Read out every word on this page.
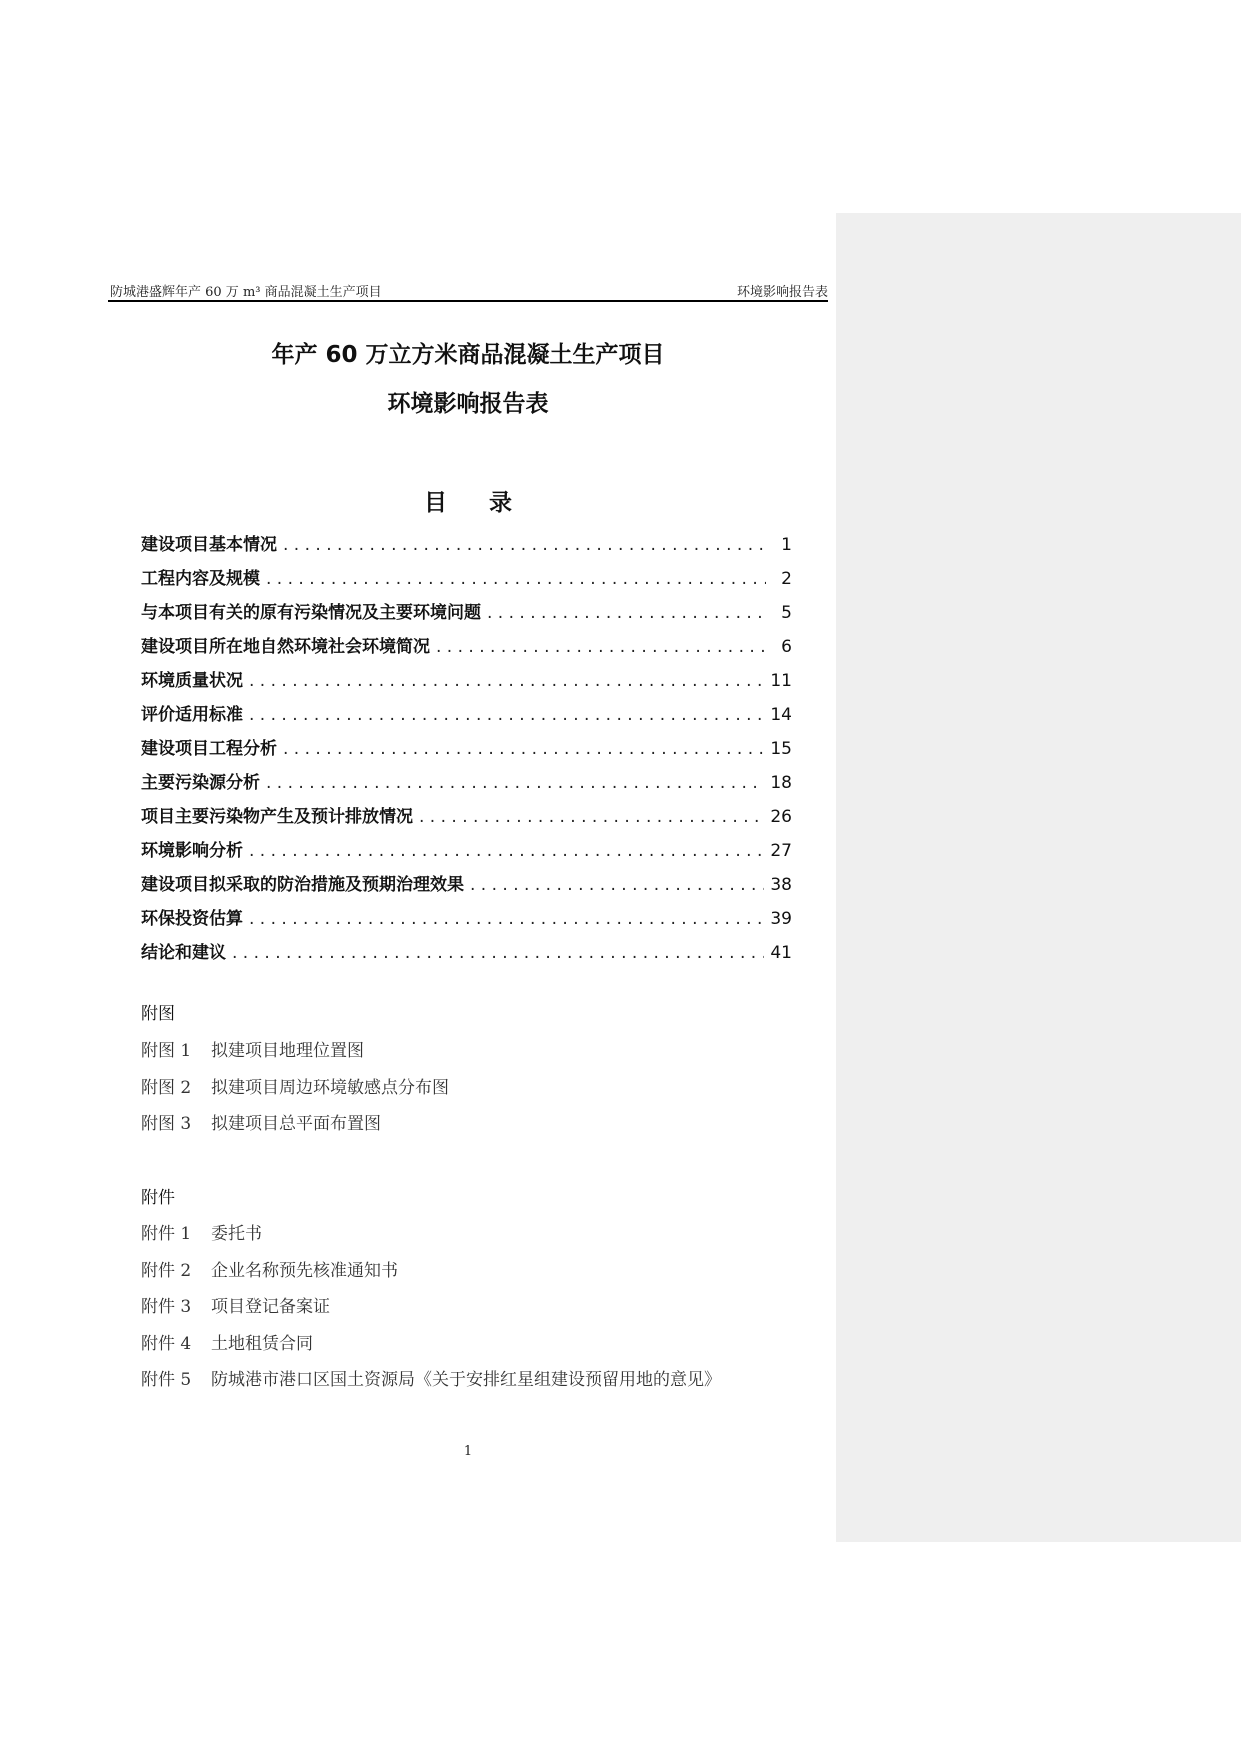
防城港盛辉年产 60 万 m³ 商品混凝土生产项目	环境影响报告表
年产 60 万立方米商品混凝土生产项目
环境影响报告表
目录
建设项目基本情况 . . .	1
工程内容及规模 . . .	2
与本项目有关的原有污染情况及主要环境问题 . . .	5
建设项目所在地自然环境社会环境简况 . . .	6
环境质量状况 . . .	11
评价适用标准 . . .	14
建设项目工程分析 . . .	15
主要污染源分析 . . .	18
项目主要污染物产生及预计排放情况 . . .	26
环境影响分析 . . .	27
建设项目拟采取的防治措施及预期治理效果 . . .	38
环保投资估算 . . .	39
结论和建议 . . .	41
附图
附图 1 拟建项目地理位置图
附图 2 拟建项目周边环境敏感点分布图
附图 3 拟建项目总平面布置图
附件
附件 1 委托书
附件 2 企业名称预先核准通知书
附件 3 项目登记备案证
附件 4 土地租赁合同
附件 5 防城港市港口区国土资源局《关于安排红星组建设预留用地的意见》
1
